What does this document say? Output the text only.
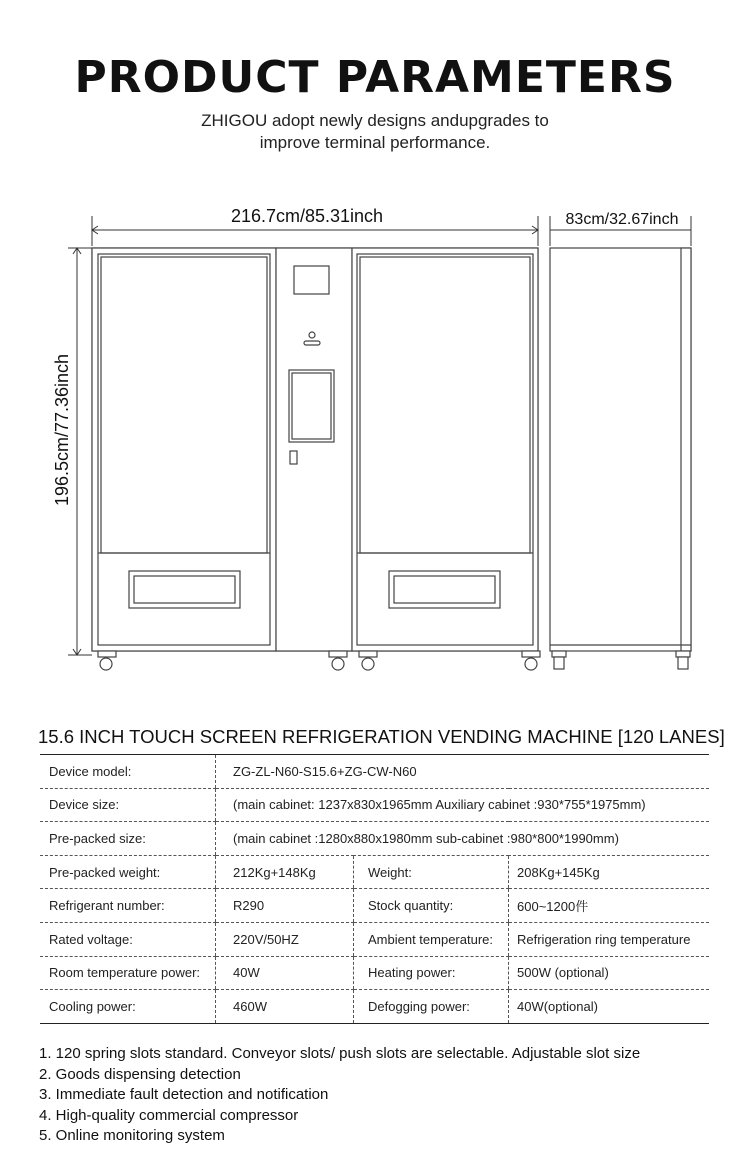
PRODUCT PARAMETERS
ZHIGOU adopt newly designs andupgrades to
improve terminal performance.
216.7cm/85.31inch	83cm/32.67inch
196.5cm/77.36inch
15.6 INCH TOUCH SCREEN REFRIGERATION VENDING MACHINE [120 LANES]
Device model:	ZG-ZL-N60-S15.6+ZG-CW-N60		
Device size:	(main cabinet: 1237x830x1965mm Auxiliary cabinet :930*755*1975mm)		
Pre-packed size:	(main cabinet :1280x880x1980mm sub-cabinet :980*800*1990mm)		
Pre-packed weight:	212Kg+148Kg	Weight:	208Kg+145Kg
Refrigerant number:	R290	Stock quantity:	600~1200件
Rated voltage:	220V/50HZ	Ambient temperature:	Refrigeration ring temperature
Room temperature power:	40W	Heating power:	500W (optional)
Cooling power:	460W	Defogging power:	40W(optional)
1. 120 spring slots standard. Conveyor slots/ push slots are selectable. Adjustable slot size
2. Goods dispensing detection
3. Immediate fault detection and notification
4. High-quality commercial compressor
5. Online monitoring system
